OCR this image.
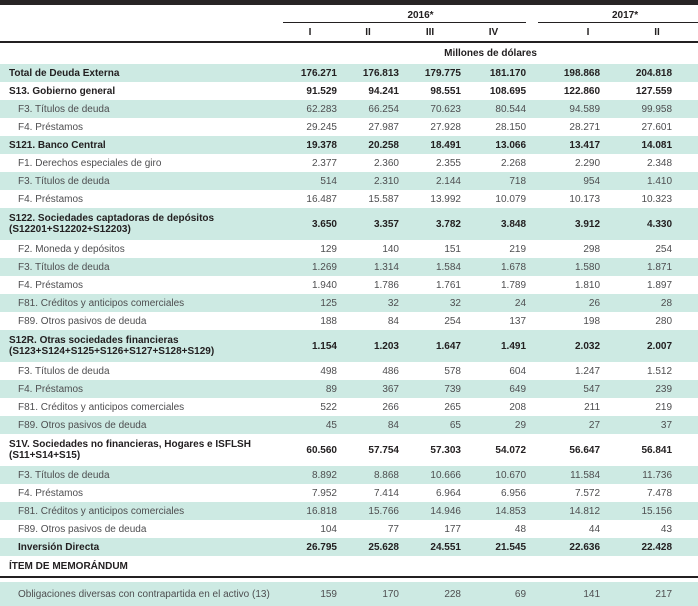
	2016*					2017*	
	I	II	III	IV		I	II
	Millones de dólares						
Total de Deuda Externa	176.271	176.813	179.775	181.170		198.868	204.818
S13. Gobierno general	91.529	94.241	98.551	108.695		122.860	127.559
F3. Títulos de deuda	62.283	66.254	70.623	80.544		94.589	99.958
F4. Préstamos	29.245	27.987	27.928	28.150		28.271	27.601
S121. Banco Central	19.378	20.258	18.491	13.066		13.417	14.081
F1. Derechos especiales de giro	2.377	2.360	2.355	2.268		2.290	2.348
F3. Títulos de deuda	514	2.310	2.144	718		954	1.410
F4. Préstamos	16.487	15.587	13.992	10.079		10.173	10.323

S122. Sociedades captadoras de depósitos
(S12201+S12202+S12203)	3.650	3.357	3.782	3.848		3.912	4.330
F2. Moneda y depósitos	129	140	151	219		298	254
F3. Títulos de deuda	1.269	1.314	1.584	1.678		1.580	1.871
F4. Préstamos	1.940	1.786	1.761	1.789		1.810	1.897
F81. Créditos y anticipos comerciales	125	32	32	24		26	28
F89. Otros pasivos de deuda	188	84	254	137		198	280

S12R. Otras sociedades financieras
(S123+S124+S125+S126+S127+S128+S129)	1.154	1.203	1.647	1.491		2.032	2.007
F3. Títulos de deuda	498	486	578	604		1.247	1.512
F4. Préstamos	89	367	739	649		547	239
F81. Créditos y anticipos comerciales	522	266	265	208		211	219
F89. Otros pasivos de deuda	45	84	65	29		27	37

S1V. Sociedades no financieras, Hogares e ISFLSH
(S11+S14+S15)	60.560	57.754	57.303	54.072		56.647	56.841
F3. Títulos de deuda	8.892	8.868	10.666	10.670		11.584	11.736
F4. Préstamos	7.952	7.414	6.964	6.956		7.572	7.478
F81. Créditos y anticipos comerciales	16.818	15.766	14.946	14.853		14.812	15.156
F89. Otros pasivos de deuda	104	77	177	48		44	43
Inversión Directa	26.795	25.628	24.551	21.545		22.636	22.428
ÍTEM DE MEMORÁNDUM							
Obligaciones diversas con contrapartida en el activo (13)	159	170	228	69		141	217
